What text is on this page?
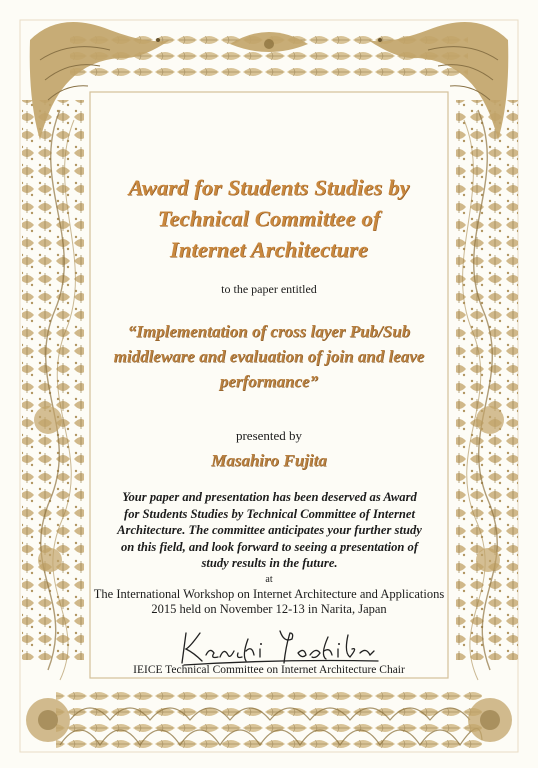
Award for Students Studies by
Technical Committee of
Internet Architecture

to the paper entitled

“Implementation of cross layer Pub/Sub
middleware and evaluation of join and leave
performance”

presented by

Masahiro Fujita

Your paper and presentation has been deserved as Award
for Students Studies by Technical Committee of Internet
Architecture. The committee anticipates your further study
on this field, and look forward to seeing a presentation of
study results in the future.

at

The International Workshop on Internet Architecture and Applications
2015 held on November 12-13 in Narita, Japan

IEICE Technical Committee on Internet Architecture Chair
